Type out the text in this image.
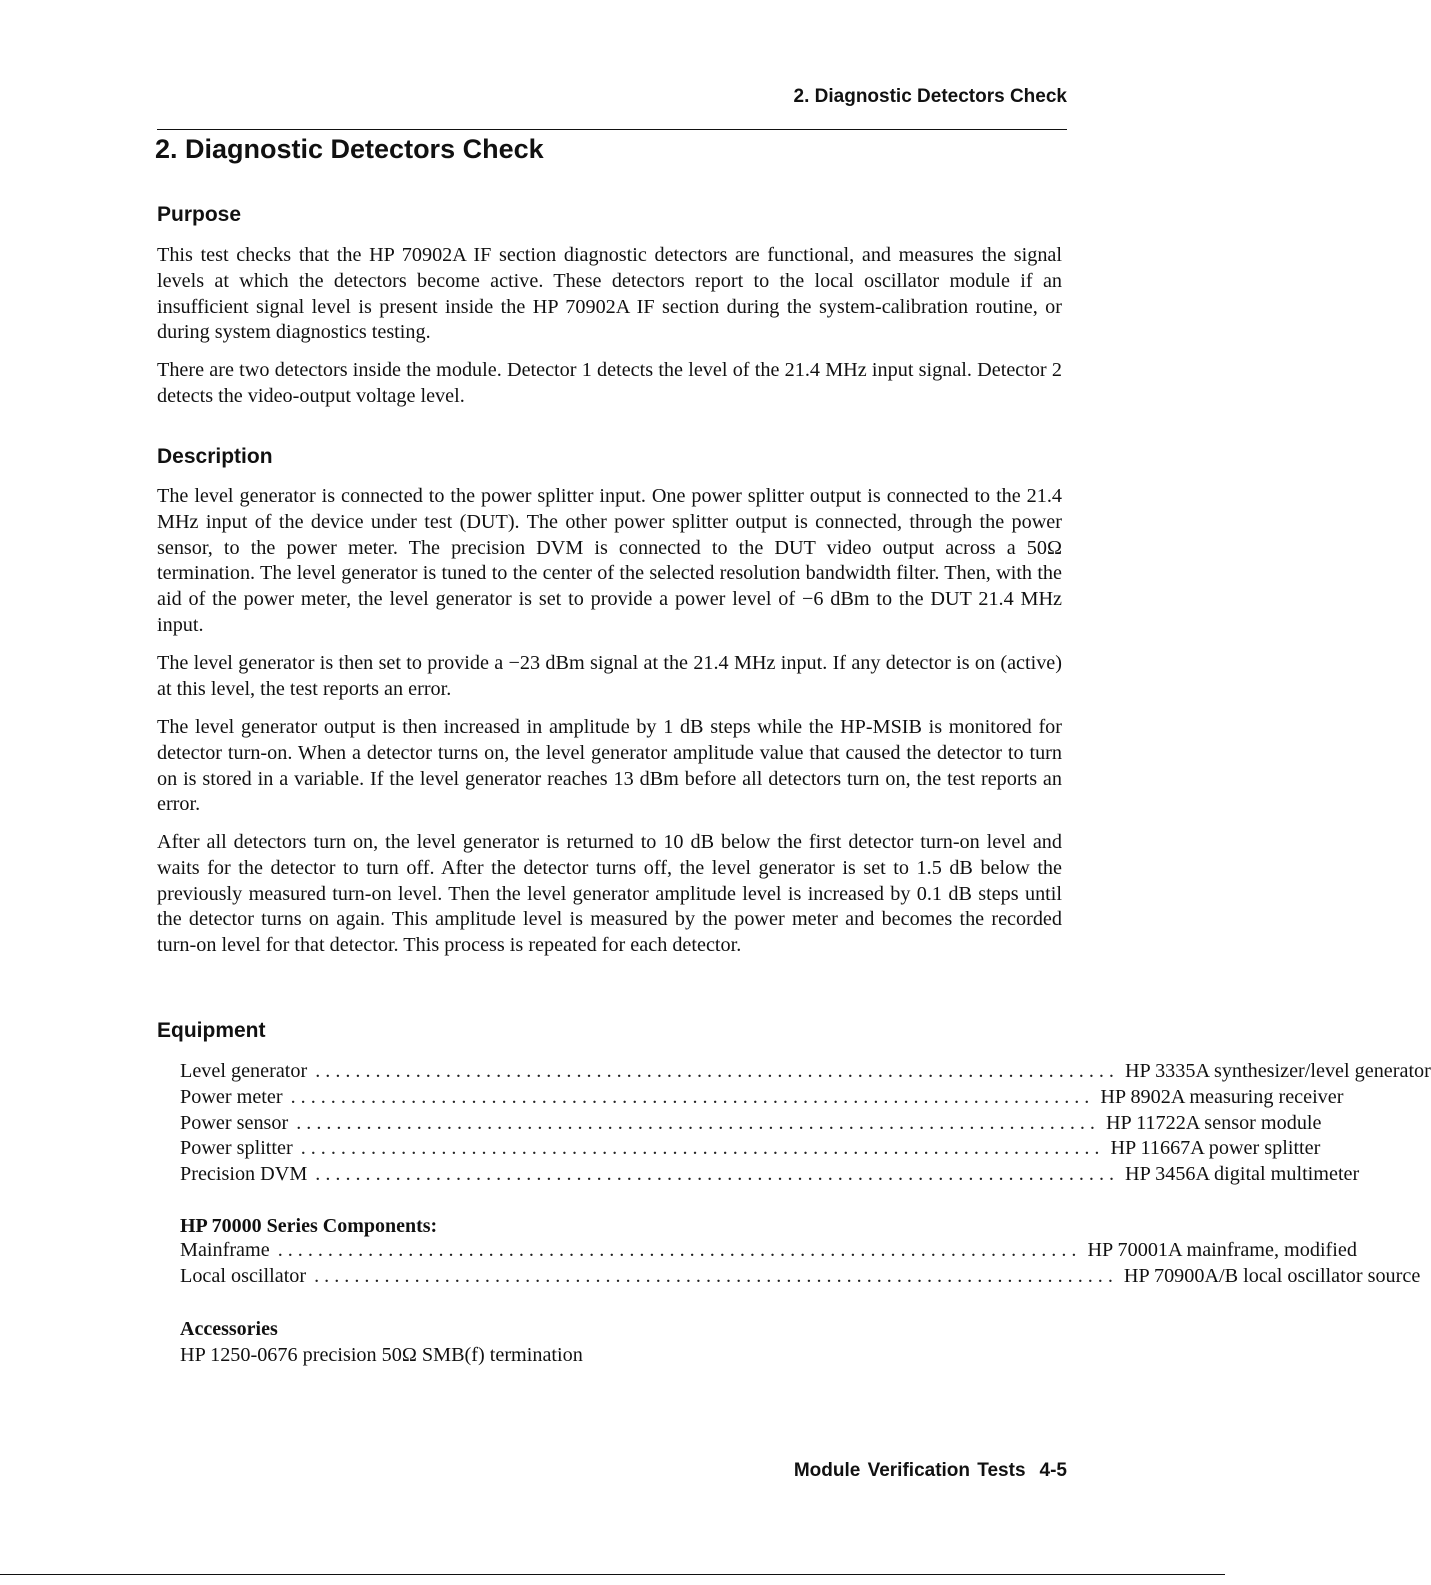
2. Diagnostic Detectors Check
2. Diagnostic Detectors Check
Purpose

This test checks that the HP 70902A IF section diagnostic detectors are functional, and measures the signal levels at which the detectors become active. These detectors report to the local oscillator module if an insufficient signal level is present inside the HP 70902A IF section during the system-calibration routine, or during system diagnostics testing.

There are two detectors inside the module. Detector 1 detects the level of the 21.4 MHz input signal. Detector 2 detects the video-output voltage level.

Description

The level generator is connected to the power splitter input. One power splitter output is connected to the 21.4 MHz input of the device under test (DUT). The other power splitter output is connected, through the power sensor, to the power meter. The precision DVM is connected to the DUT video output across a 50Ω termination. The level generator is tuned to the center of the selected resolution bandwidth filter. Then, with the aid of the power meter, the level generator is set to provide a power level of −6 dBm to the DUT 21.4 MHz input.

The level generator is then set to provide a −23 dBm signal at the 21.4 MHz input. If any detector is on (active) at this level, the test reports an error.

The level generator output is then increased in amplitude by 1 dB steps while the HP-MSIB is monitored for detector turn-on. When a detector turns on, the level generator amplitude value that caused the detector to turn on is stored in a variable. If the level generator reaches 13 dBm before all detectors turn on, the test reports an error.

After all detectors turn on, the level generator is returned to 10 dB below the first detector turn-on level and waits for the detector to turn off. After the detector turns off, the level generator is set to 1.5 dB below the previously measured turn-on level. Then the level generator amplitude level is increased by 0.1 dB steps until the detector turns on again. This amplitude level is measured by the power meter and becomes the recorded turn-on level for that detector. This process is repeated for each detector.

Equipment
Level generator ................................................................................ HP 3335A synthesizer/level generator
Power meter ................................................................................ HP 8902A measuring receiver
Power sensor ................................................................................ HP 11722A sensor module
Power splitter ................................................................................ HP 11667A power splitter
Precision DVM ................................................................................ HP 3456A digital multimeter
HP 70000 Series Components:
Mainframe ................................................................................ HP 70001A mainframe, modified
Local oscillator ................................................................................ HP 70900A/B local oscillator source
Accessories

HP 1250-0676 precision 50Ω SMB(f) termination

Module Verification Tests 4-5
